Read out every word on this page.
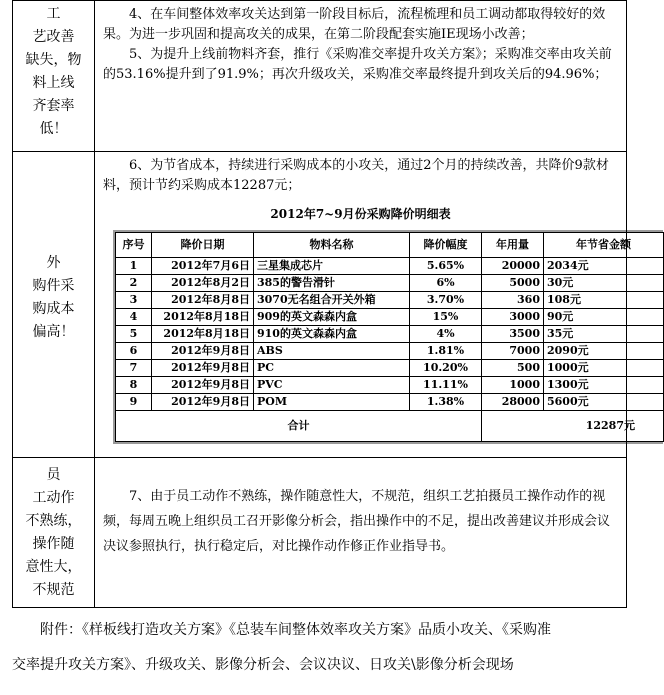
工
艺改善
缺失，物
料上线
齐套率
低！

4、在车间整体效率攻关达到第一阶段目标后，流程梳理和员工调动都取得较好的效果。为进一步巩固和提高攻关的成果，在第二阶段配套实施IE现场小改善；

5、为提升上线前物料齐套，推行《采购准交率提升攻关方案》；采购准交率由攻关前的53.16%提升到了91.9%；再次升级攻关，采购准交率最终提升到攻关后的94.96%；

外
购件采
购成本
偏高！

6、为节省成本，持续进行采购成本的小攻关，通过2个月的持续改善，共降价9款材料，预计节约采购成本12287元；

2012年7~9月份采购降价明细表
序号	降价日期	物料名称	降价幅度	年用量	年节省金额
1	2012年7月6日	三星集成芯片	5.65%	20000	2034元
2	2012年8月2日	385的警告滑针	6%	5000	30元
3	2012年8月8日	3070无名组合开关外箱	3.70%	360	108元
4	2012年8月18日	909的英文森森内盒	15%	3000	90元
5	2012年8月18日	910的英文森森内盒	4%	3500	35元
6	2012年9月8日	ABS	1.81%	7000	2090元
7	2012年9月8日	PC	10.20%	500	1000元
8	2012年9月8日	PVC	11.11%	1000	1300元
9	2012年9月8日	POM	1.38%	28000	5600元
合计	12287元

员
工动作
不熟练，
操作随
意性大，
不规范

7、由于员工动作不熟练，操作随意性大，不规范，组织工艺拍摄员工操作动作的视频，每周五晚上组织员工召开影像分析会，指出操作中的不足，提出改善建议并形成会议决议参照执行，执行稳定后，对比操作动作修正作业指导书。

附件：《样板线打造攻关方案》《总装车间整体效率攻关方案》品质小攻关、《采购准
交率提升攻关方案》、升级攻关、影像分析会、会议决议、日攻关\影像分析会现场
